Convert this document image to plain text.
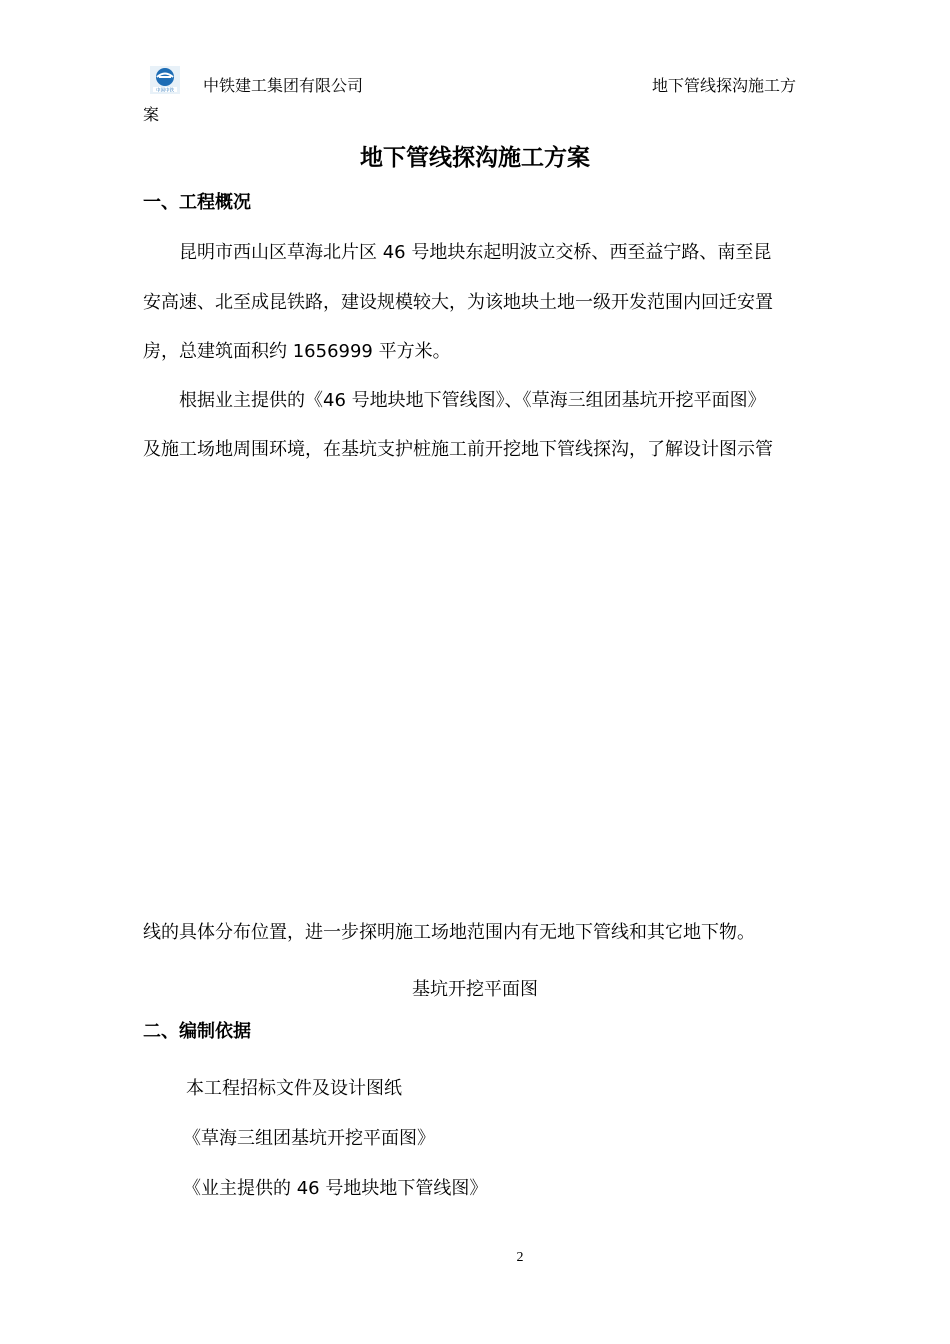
中国中铁 中铁建工集团有限公司	地下管线探沟施工方
案
地下管线探沟施工方案
一、工程概况
昆明市西山区草海北片区 46 号地块东起明波立交桥、西至益宁路、南至昆
安高速、北至成昆铁路，建设规模较大，为该地块土地一级开发范围内回迁安置
房，总建筑面积约 1656999 平方米。
根据业主提供的《46 号地块地下管线图》、《草海三组团基坑开挖平面图》
及施工场地周围环境，在基坑支护桩施工前开挖地下管线探沟，了解设计图示管
线的具体分布位置，进一步探明施工场地范围内有无地下管线和其它地下物。
基坑开挖平面图
二、编制依据
本工程招标文件及设计图纸
《草海三组团基坑开挖平面图》
《业主提供的 46 号地块地下管线图》
2
